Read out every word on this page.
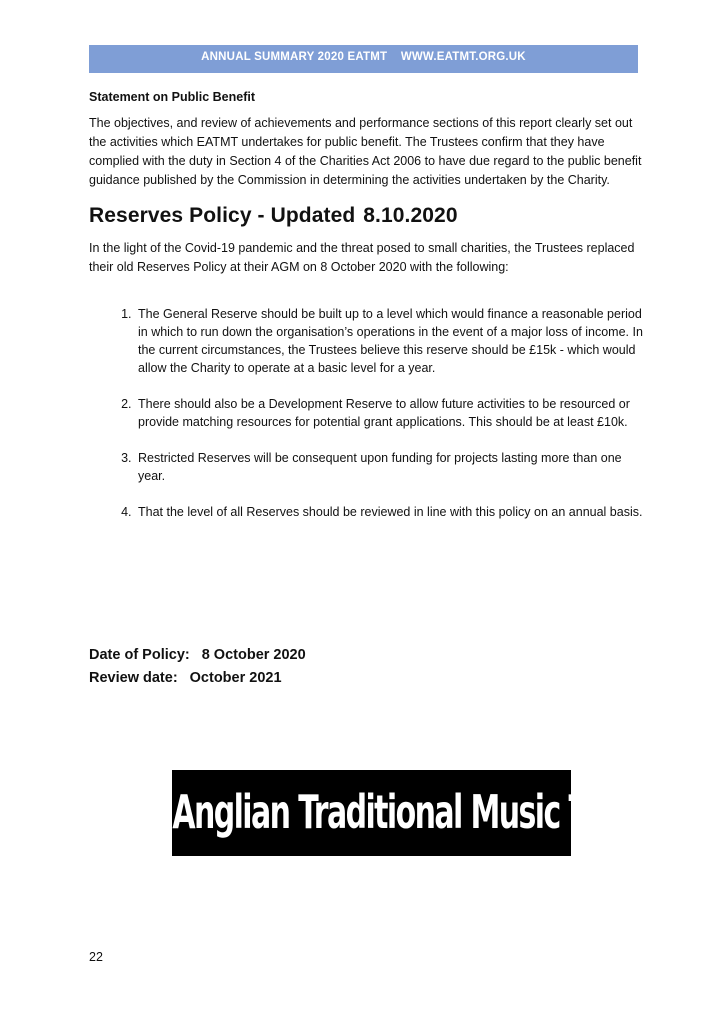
ANNUAL SUMMARY 2020 EATMT
WWW.EATMT.ORG.UK
Statement on Public Benefit

The objectives, and review of achievements and performance sections of this report clearly set out the activities which EATMT undertakes for public benefit. The Trustees confirm that they have complied with the duty in Section 4 of the Charities Act 2006 to have due regard to the public benefit guidance published by the Commission in determining the activities undertaken by the Charity.

Reserves Policy - Updated 8.10.2020

In the light of the Covid-19 pandemic and the threat posed to small charities, the Trustees replaced their old Reserves Policy at their AGM on 8 October 2020 with the following:

1. The General Reserve should be built up to a level which would finance a reasonable period in which to run down the organisation’s operations in the event of a major loss of income. In the current circumstances, the Trustees believe this reserve should be £15k - which would allow the Charity to operate at a basic level for a year.
2. There should also be a Development Reserve to allow future activities to be resourced or provide matching resources for potential grant applications. This should be at least £10k.
3. Restricted Reserves will be consequent upon funding for projects lasting more than one year.
4. That the level of all Reserves should be reviewed in line with this policy on an annual basis.
Date of Policy: 8 October 2020
Review date: October 2021
East Anglian Traditional Music Trust
22
